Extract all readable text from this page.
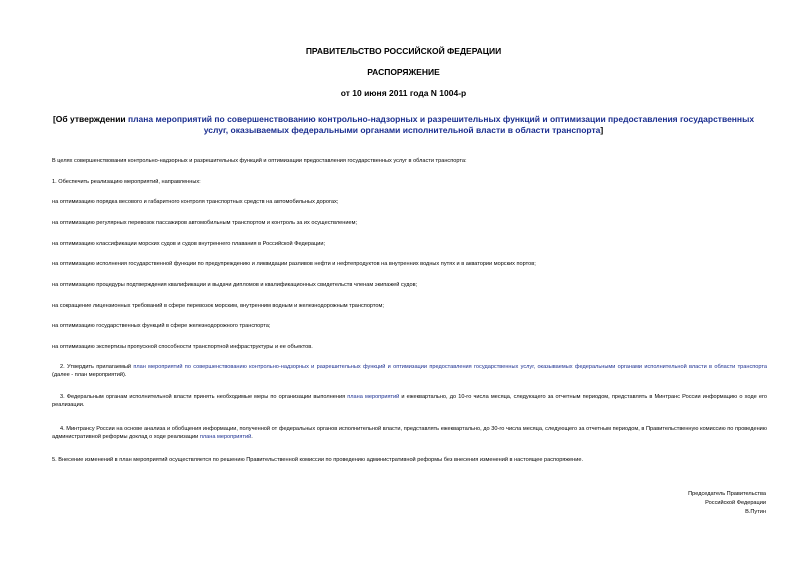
ПРАВИТЕЛЬСТВО РОССИЙСКОЙ ФЕДЕРАЦИИ
РАСПОРЯЖЕНИЕ
от 10 июня 2011 года N 1004-р
[Об утверждении плана мероприятий по совершенствованию контрольно-надзорных и разрешительных функций и оптимизации предоставления государственных услуг, оказываемых федеральными органами исполнительной власти в области транспорта]
В целях совершенствования контрольно-надзорных и разрешительных функций и оптимизации предоставления государственных услуг в области транспорта:
1. Обеспечить реализацию мероприятий, направленных:
на оптимизацию порядка весового и габаритного контроля транспортных средств на автомобильных дорогах;
на оптимизацию регулярных перевозок пассажиров автомобильным транспортом и контроль за их осуществлением;
на оптимизацию классификации морских судов и судов внутреннего плавания в Российской Федерации;
на оптимизацию исполнения государственной функции по предупреждению и ликвидации разливов нефти и нефтепродуктов на внутренних водных путях и в акватории морских портов;
на оптимизацию процедуры подтверждения квалификации и выдачи дипломов и квалификационных свидетельств членам экипажей судов;
на сокращение лицензионных требований в сфере перевозок морским, внутренним водным и железнодорожным транспортом;
на оптимизацию государственных функций в сфере железнодорожного транспорта;
на оптимизацию экспертизы пропускной способности транспортной инфраструктуры и ее объектов.
2. Утвердить прилагаемый план мероприятий по совершенствованию контрольно-надзорных и разрешительных функций и оптимизации предоставления государственных услуг, оказываемых федеральными органами исполнительной власти в области транспорта (далее - план мероприятий).
3. Федеральным органам исполнительной власти принять необходимые меры по организации выполнения плана мероприятий и ежеквартально, до 10-го числа месяца, следующего за отчетным периодом, представлять в Минтранс России информацию о ходе его реализации.
4. Минтрансу России на основе анализа и обобщения информации, полученной от федеральных органов исполнительной власти, представлять ежеквартально, до 30-го числа месяца, следующего за отчетным периодом, в Правительственную комиссию по проведению административной реформы доклад о ходе реализации плана мероприятий.
5. Внесение изменений в план мероприятий осуществляется по решению Правительственной комиссии по проведению административной реформы без внесения изменений в настоящее распоряжение.
Председатель Правительства
Российской Федерации
В.Путин
